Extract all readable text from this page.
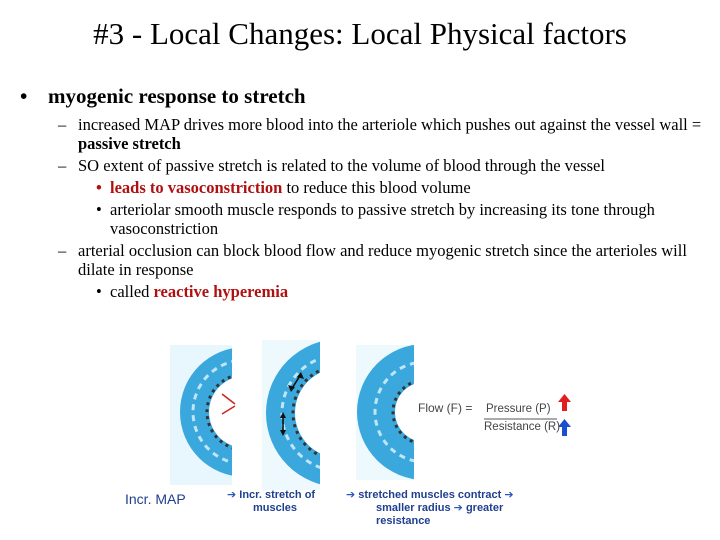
#3 - Local Changes: Local Physical factors
• myogenic response to stretch
– increased MAP drives more blood into the arteriole which pushes out against the vessel wall = passive stretch
– SO extent of passive stretch is related to the volume of blood through the vessel
• leads to vasoconstriction to reduce this blood volume
• arteriolar smooth muscle responds to passive stretch by increasing its tone through vasoconstriction
– arterial occlusion can block blood flow and reduce myogenic stretch since the arterioles will dilate in response
• called reactive hyperemia
Flow (F) = Pressure (P)
Resistance (R)
Incr. MAP	➔ Incr. stretch of
muscles
➔ stretched muscles contract ➔
smaller radius ➔ greater
resistance
